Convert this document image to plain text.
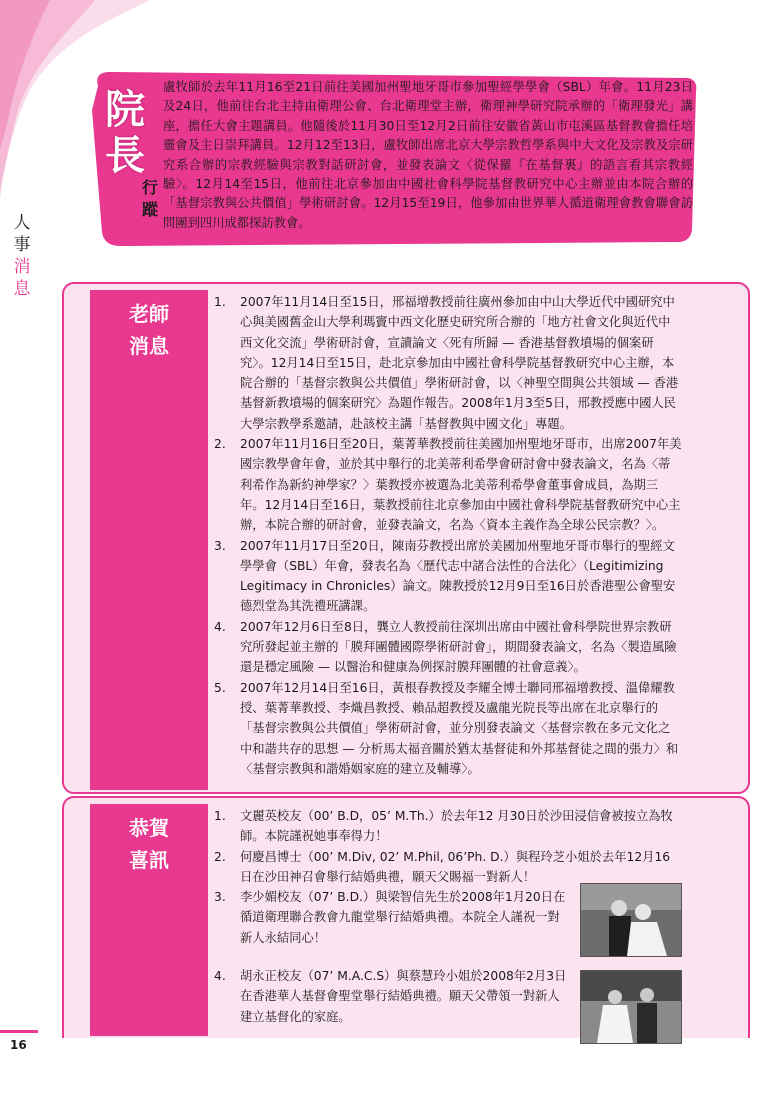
人
事
消
息
院
長
行
蹤

盧牧師於去年11月16至21日前往美國加州聖地牙哥市參加聖經學學會（SBL）年會。11月23日及24日，他前往台北主持由衛理公會、台北衛理堂主辦，衛理神學研究院承辦的「衛理發光」講座，擔任大會主題講員。他隨後於11月30日至12月2日前往安徽省黃山市屯溪區基督教會擔任培靈會及主日崇拜講員。12月12至13日，盧牧師出席北京大學宗教哲學系與中大文化及宗教及宗研究系合辦的宗教經驗與宗教對話研討會，並發表論文〈從保羅『在基督裏』的語言看其宗教經驗〉。12月14至15日，他前往北京參加由中國社會科學院基督教研究中心主辦並由本院合辦的「基督宗教與公共價值」學術研討會。12月15至19日，他參加由世界華人循道衛理會教會聯會訪問團到四川成都探訪教會。

老師
消息
1. 2007年11月14日至15日，邢福增教授前往廣州參加由中山大學近代中國研究中心與美國舊金山大學利瑪竇中西文化歷史研究所合辦的「地方社會文化與近代中西文化交流」學術研討會，宣讀論文〈死有所歸 — 香港基督教墳場的個案研究〉。12月14日至15日，赴北京參加由中國社會科學院基督教研究中心主辦，本院合辦的「基督宗教與公共價值」學術研討會，以〈神聖空間與公共領域 — 香港基督新教墳場的個案研究〉為題作報告。2008年1月3至5日，邢教授應中國人民大學宗教學系邀請，赴該校主講「基督教與中國文化」專題。
2. 2007年11月16日至20日，葉菁華教授前往美國加州聖地牙哥市，出席2007年美國宗教學會年會，並於其中舉行的北美蒂利希學會研討會中發表論文，名為〈蒂利希作為新約神學家？〉葉教授亦被選為北美蒂利希學會董事會成員，為期三年。12月14日至16日，葉教授前往北京參加由中國社會科學院基督教研究中心主辦，本院合辦的研討會，並發表論文，名為〈資本主義作為全球公民宗教？〉。
3. 2007年11月17日至20日，陳南芬教授出席於美國加州聖地牙哥市舉行的聖經文學學會（SBL）年會，發表名為〈歷代志中諸合法性的合法化〉（Legitimizing Legitimacy in Chronicles）論文。陳教授於12月9日至16日於香港聖公會聖安德烈堂為其洗禮班講課。
4. 2007年12月6日至8日，龔立人教授前往深圳出席由中國社會科學院世界宗教研究所發起並主辦的「膜拜團體國際學術研討會」，期間發表論文，名為〈製造風險還是穩定風險 — 以醫治和健康為例探討膜拜團體的社會意義〉。
5. 2007年12月14日至16日，黃根春教授及李耀全博士聯同邢福增教授、溫偉耀教授、葉菁華教授、李熾昌教授、賴品超教授及盧龍光院長等出席在北京舉行的「基督宗教與公共價值」學術研討會，並分別發表論文〈基督宗教在多元文化之中和諧共存的思想 — 分析馬太福音關於猶太基督徒和外邦基督徒之間的張力〉和〈基督宗教與和諧婚姻家庭的建立及輔導〉。
恭賀
喜訊
1. 文麗英校友（00’ B.D，05’ M.Th.）於去年12 月30日於沙田浸信會被按立為牧師。本院謹祝她事奉得力！
2. 何慶昌博士（00’ M.Div, 02’ M.Phil, 06’Ph. D.）與程玲芝小姐於去年12月16日在沙田神召會舉行結婚典禮，願天父賜福一對新人！
3. 李少媚校友（07’ B.D.）與梁智信先生於2008年1月20日在循道衛理聯合教會九龍堂舉行結婚典禮。本院全人謹祝一對新人永結同心！
4. 胡永正校友（07’ M.A.C.S）與蔡慧玲小姐於2008年2月3日在香港華人基督會聖堂舉行結婚典禮。願天父帶領一對新人建立基督化的家庭。
16
